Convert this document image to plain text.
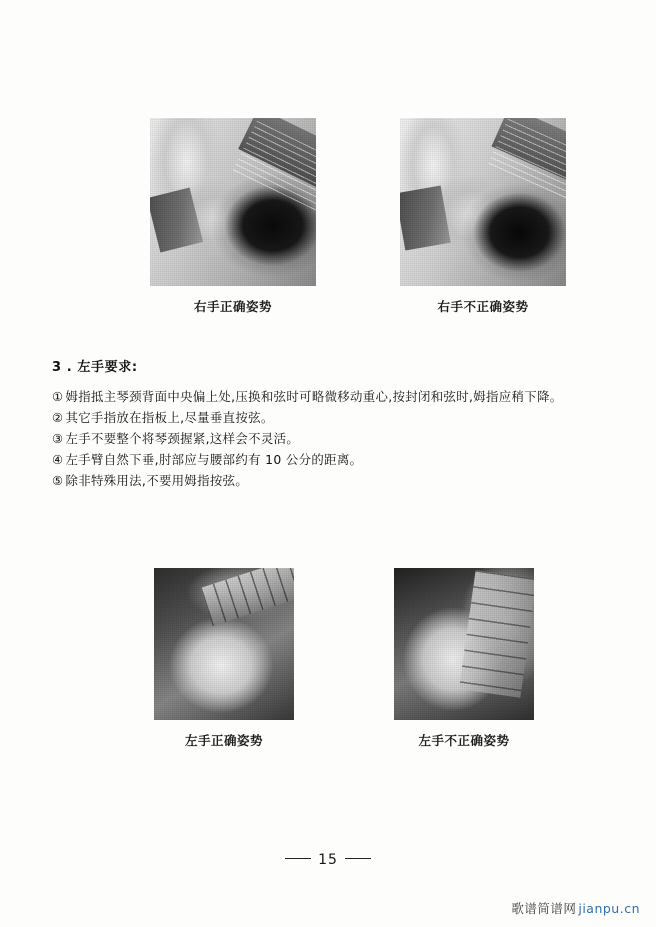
右手正确姿势	右手不正确姿势
3 . 左手要求:
① 姆指抵主琴颈背面中央偏上处,压换和弦时可略微移动重心,按封闭和弦时,姆指应稍下降。
② 其它手指放在指板上,尽量垂直按弦。
③ 左手不要整个将琴颈握紧,这样会不灵活。
④ 左手臂自然下垂,肘部应与腰部约有 10 公分的距离。
⑤ 除非特殊用法,不要用姆指按弦。
左手正确姿势	左手不正确姿势
15
歌谱简谱网 jianpu.cn
